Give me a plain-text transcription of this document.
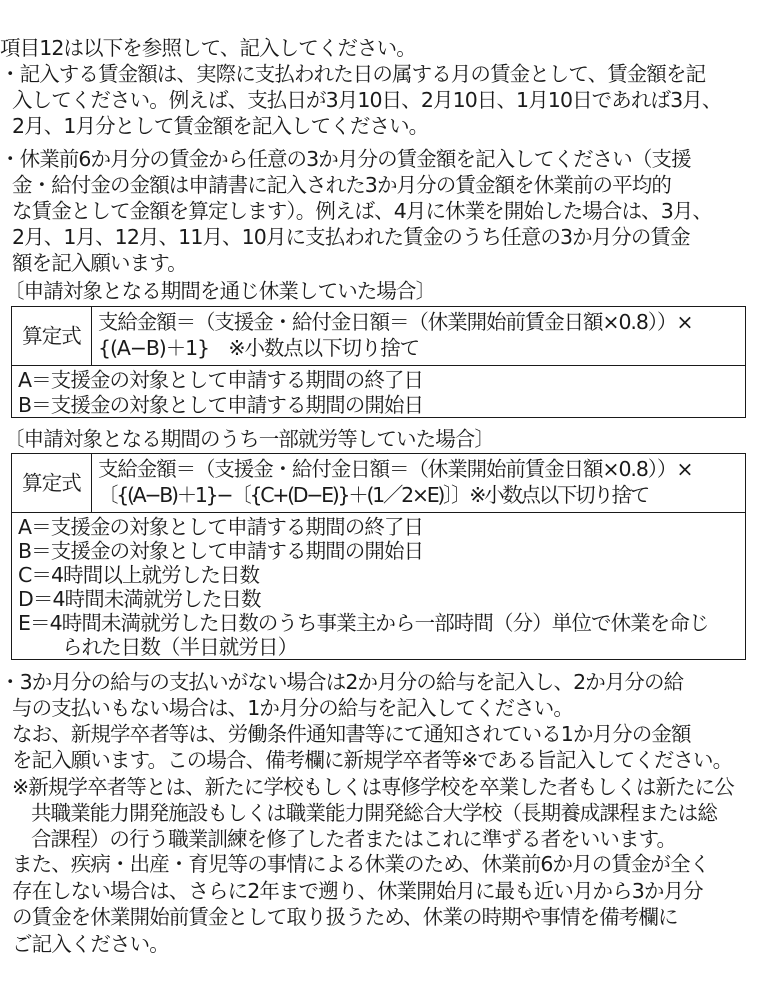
項目12は以下を参照して、記入してください。
・記入する賃金額は、実際に支払われた日の属する月の賃金として、賃金額を記
入してください。例えば、支払日が3月10日、2月10日、1月10日であれば3月、
2月、1月分として賃金額を記入してください。
・休業前6か月分の賃金から任意の3か月分の賃金額を記入してください（支援
金・給付金の金額は申請書に記入された3か月分の賃金額を休業前の平均的
な賃金として金額を算定します）。例えば、4月に休業を開始した場合は、3月、
2月、1月、12月、11月、10月に支払われた賃金のうち任意の3か月分の賃金
額を記入願います。
〔申請対象となる期間を通じ休業していた場合〕
算定式
支給金額＝（支援金・給付金日額＝（休業開始前賃金日額×0.8））×
{(A−B)＋1}　※小数点以下切り捨て
A＝支援金の対象として申請する期間の終了日
B＝支援金の対象として申請する期間の開始日
〔申請対象となる期間のうち一部就労等していた場合〕
算定式
支給金額＝（支援金・給付金日額＝（休業開始前賃金日額×0.8））×
〔{(A−B)＋1}−〔{C+(D−E)}＋(1／2×E)〕〕※小数点以下切り捨て
A＝支援金の対象として申請する期間の終了日
B＝支援金の対象として申請する期間の開始日
C＝4時間以上就労した日数
D＝4時間未満就労した日数
E＝4時間未満就労した日数のうち事業主から一部時間（分）単位で休業を命じ
られた日数（半日就労日）
・3か月分の給与の支払いがない場合は2か月分の給与を記入し、2か月分の給
与の支払いもない場合は、1か月分の給与を記入してください。
なお、新規学卒者等は、労働条件通知書等にて通知されている1か月分の金額
を記入願います。この場合、備考欄に新規学卒者等※である旨記入してください。
※新規学卒者等とは、新たに学校もしくは専修学校を卒業した者もしくは新たに公
共職業能力開発施設もしくは職業能力開発総合大学校（長期養成課程または総
合課程）の行う職業訓練を修了した者またはこれに準ずる者をいいます。
また、疾病・出産・育児等の事情による休業のため、休業前6か月の賃金が全く
存在しない場合は、さらに2年まで遡り、休業開始月に最も近い月から3か月分
の賃金を休業開始前賃金として取り扱うため、休業の時期や事情を備考欄に
ご記入ください。
